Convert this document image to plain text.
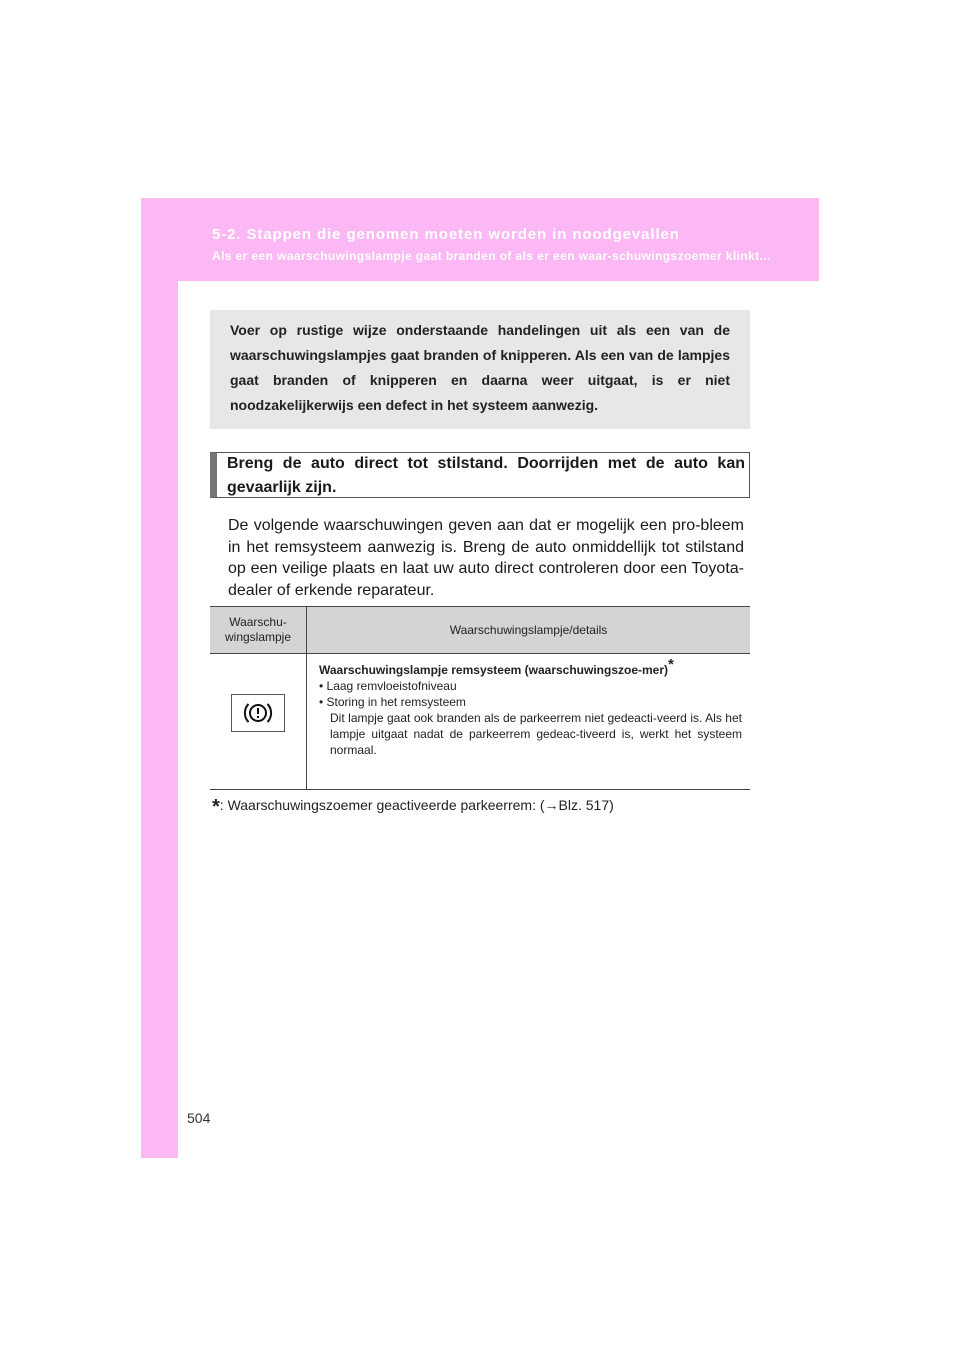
5-2. Stappen die genomen moeten worden in noodgevallen
Als er een waarschuwingslampje gaat branden of als er een waar-schuwingszoemer klinkt...
Voer op rustige wijze onderstaande handelingen uit als een van de waarschuwingslampjes gaat branden of knipperen. Als een van de lampjes gaat branden of knipperen en daarna weer uitgaat, is er niet noodzakelijkerwijs een defect in het systeem aanwezig.
Breng de auto direct tot stilstand. Doorrijden met de auto kan gevaarlijk zijn.
De volgende waarschuwingen geven aan dat er mogelijk een pro-bleem in het remsysteem aanwezig is. Breng de auto onmiddellijk tot stilstand op een veilige plaats en laat uw auto direct controleren door een Toyota-dealer of erkende reparateur.
Waarschu-wingslampje	Waarschuwingslampje/details

Waarschuwingslampje remsysteem (waarschuwingszoe-mer)*
• Laag remvloeistofniveau
• Storing in het remsysteem
Dit lampje gaat ook branden als de parkeerrem niet gedeacti-veerd is. Als het lampje uitgaat nadat de parkeerrem gedeac-tiveerd is, werkt het systeem normaal.
*: Waarschuwingszoemer geactiveerde parkeerrem: (→Blz. 517)
504
